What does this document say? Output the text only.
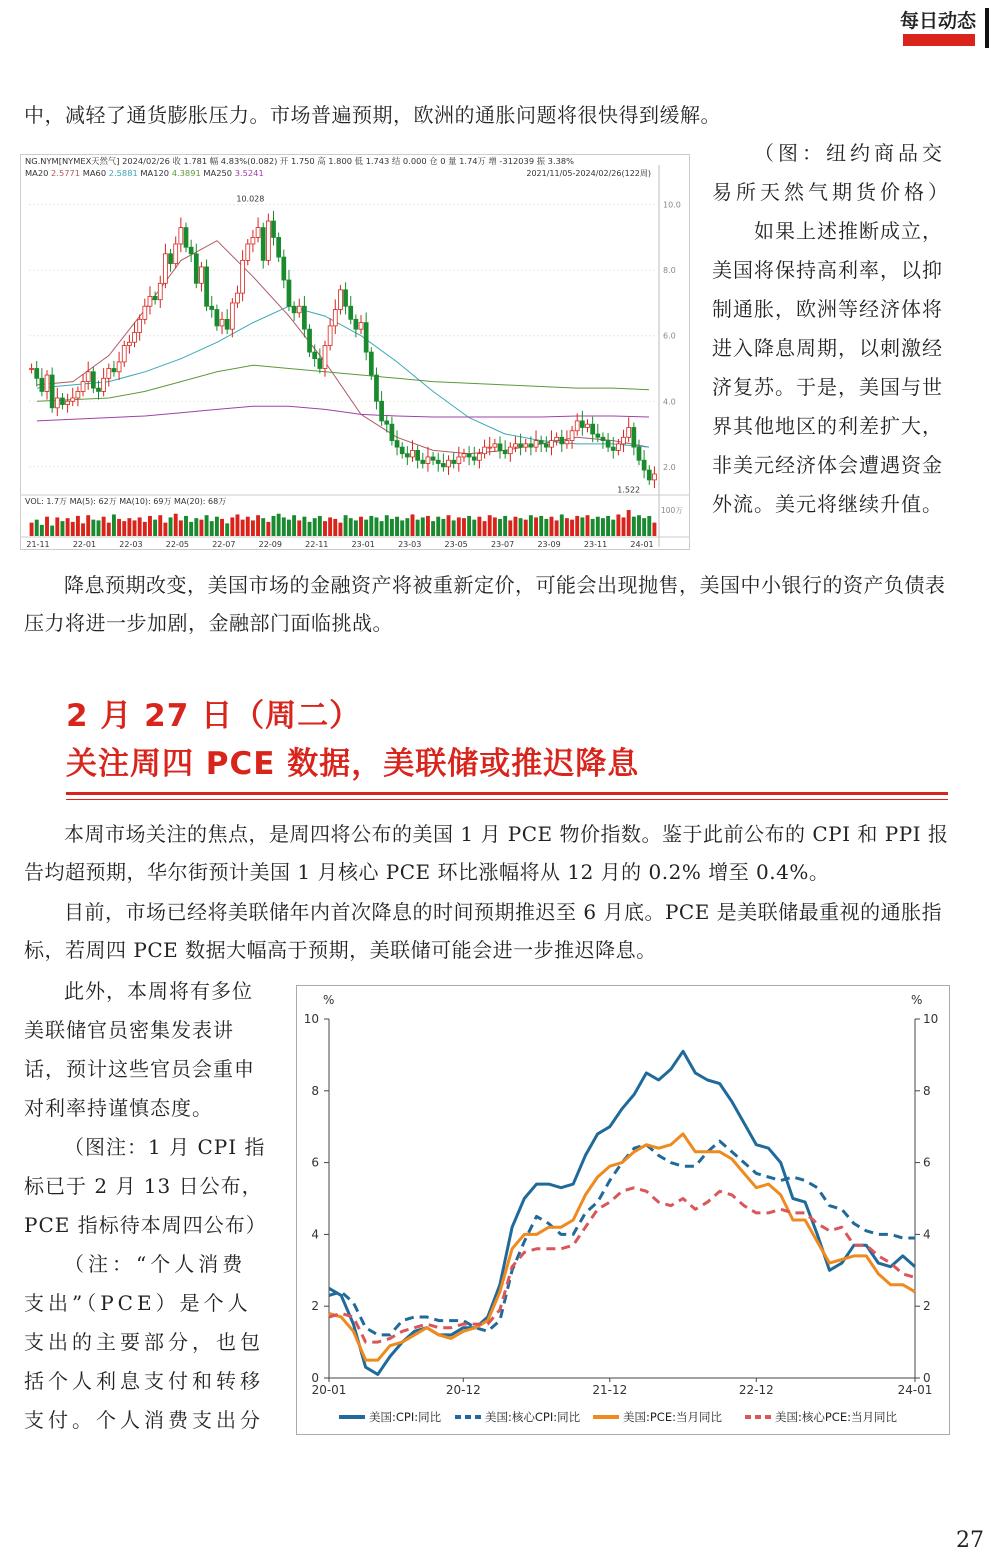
每日动态

中，减轻了通货膨胀压力。市场普遍预期，欧洲的通胀问题将很快得到缓解。

NG.NYM[NYMEX天然气] 2024/02/26 收 1.781 幅 4.83%(0.082) 开 1.750 高 1.800 低 1.743 结 0.000 仓 0 量 1.74万 增 -312039 振 3.38%
MA20 2.5771 MA60 2.5881 MA120 4.3891 MA250 3.5241	2021/11/05-2024/02/26(122周)
10.0
8.0
6.0
4.0
2.0
10.028
1.522
VOL: 1.7万 MA(5): 62万 MA(10): 69万 MA(20): 68万
100万
21-11	22-01	22-03	22-05	22-07	22-09	22-11	23-01	23-03	23-05	23-07	23-09	23-11	24-01

（图：纽约商品交易所天然气期货价格）

如果上述推断成立，美国将保持高利率，以抑制通胀，欧洲等经济体将进入降息周期，以刺激经济复苏。于是，美国与世界其他地区的利差扩大，非美元经济体会遭遇资金外流。美元将继续升值。

降息预期改变，美国市场的金融资产将被重新定价，可能会出现抛售，美国中小银行的资产负债表压力将进一步加剧，金融部门面临挑战。

2 月 27 日（周二）
关注周四 PCE 数据，美联储或推迟降息

本周市场关注的焦点，是周四将公布的美国 1 月 PCE 物价指数。鉴于此前公布的 CPI 和 PPI 报告均超预期，华尔街预计美国 1 月核心 PCE 环比涨幅将从 12 月的 0.2% 增至 0.4%。

目前，市场已经将美联储年内首次降息的时间预期推迟至 6 月底。PCE 是美联储最重视的通胀指标，若周四 PCE 数据大幅高于预期，美联储可能会进一步推迟降息。

此外，本周将有多位美联储官员密集发表讲话，预计这些官员会重申对利率持谨慎态度。

（图注：1 月 CPI 指标已于 2 月 13 日公布，PCE 指标待本周四公布）

（注：“个人消费支出”（PCE）是个人支出的主要部分，也包括个人利息支付和转移支付。个人消费支出分

%	%
0	0
2	2
4	4
6	6
8	8
10	10
20-01	20-12	21-12	22-12	24-01
美国:CPI:同比	美国:核心CPI:同比	美国:PCE:当月同比	美国:核心PCE:当月同比
27
